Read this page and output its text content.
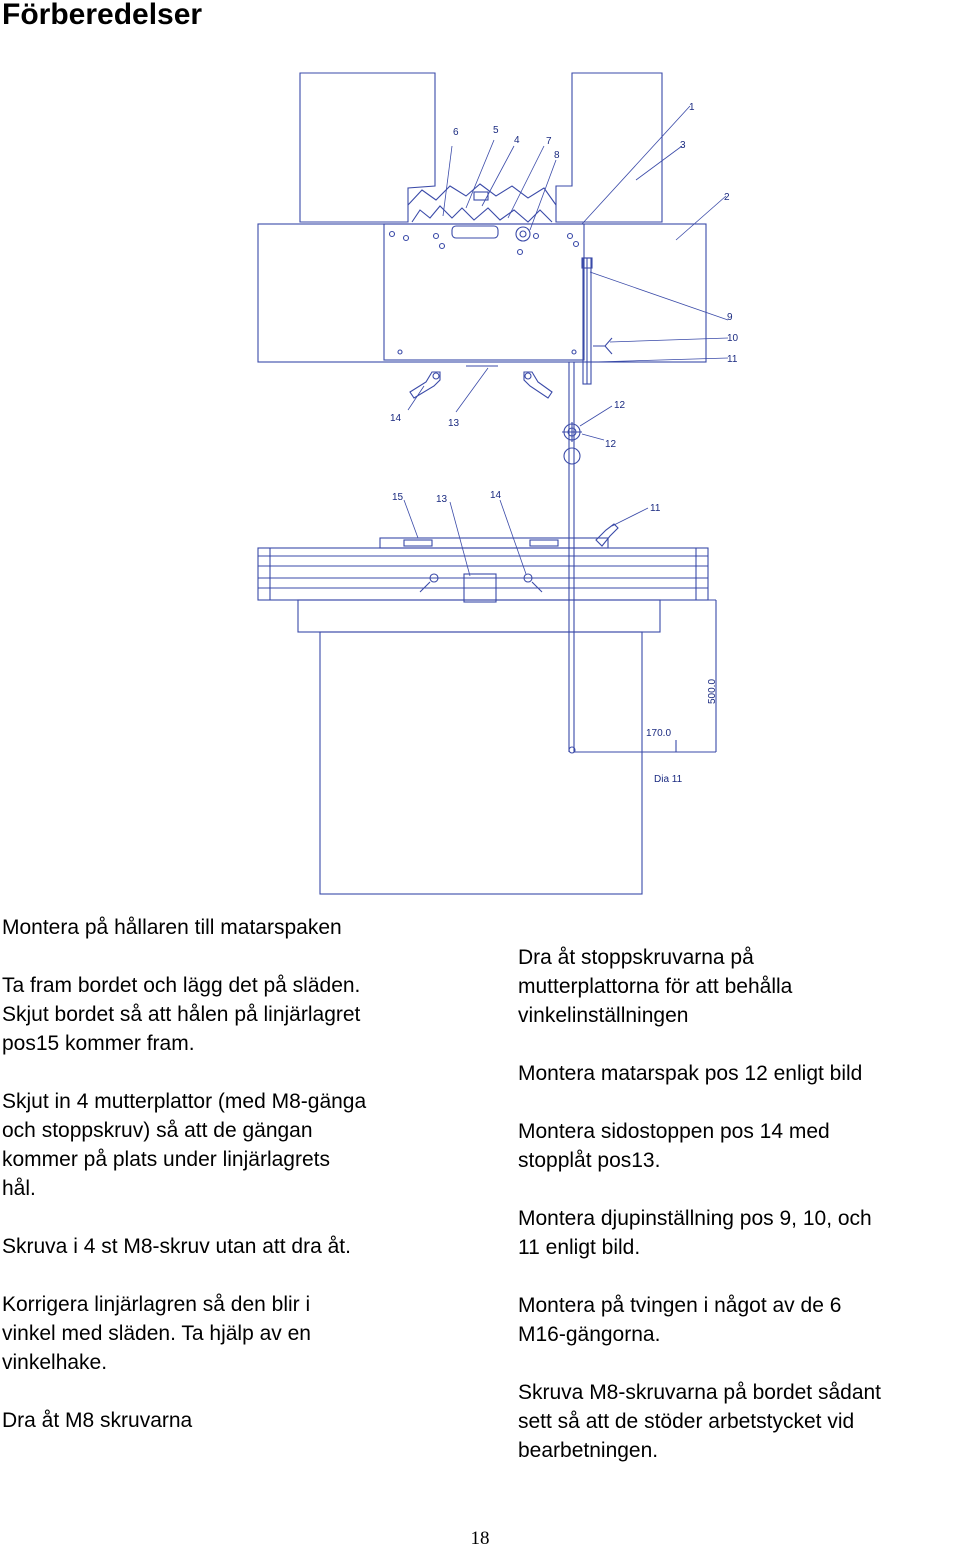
Förberedelser
6	5
4	7
8
1
3
2
9
10
11
14	13
12
12
15	13	14
11
500.0
170.0
Dia 11

Montera på hållaren till matarspaken

Ta fram bordet och lägg det på släden.
Skjut bordet så att hålen på linjärlagret
pos15 kommer fram.

Skjut in 4 mutterplattor (med M8-gänga
och stoppskruv) så att de gängan
kommer på plats under linjärlagrets
hål.

Skruva i 4 st M8-skruv utan att dra åt.

Korrigera linjärlagren så den blir i
vinkel med släden. Ta hjälp av en
vinkelhake.

Dra åt M8 skruvarna

Dra åt stoppskruvarna på
mutterplattorna för att behålla
vinkelinställningen

Montera matarspak pos 12 enligt bild

Montera sidostoppen pos 14 med
stopplåt pos13.

Montera djupinställning pos 9, 10, och
11 enligt bild.

Montera på tvingen i något av de 6
M16-gängorna.

Skruva M8-skruvarna på bordet sådant
sett så att de stöder arbetstycket vid
bearbetningen.

18
